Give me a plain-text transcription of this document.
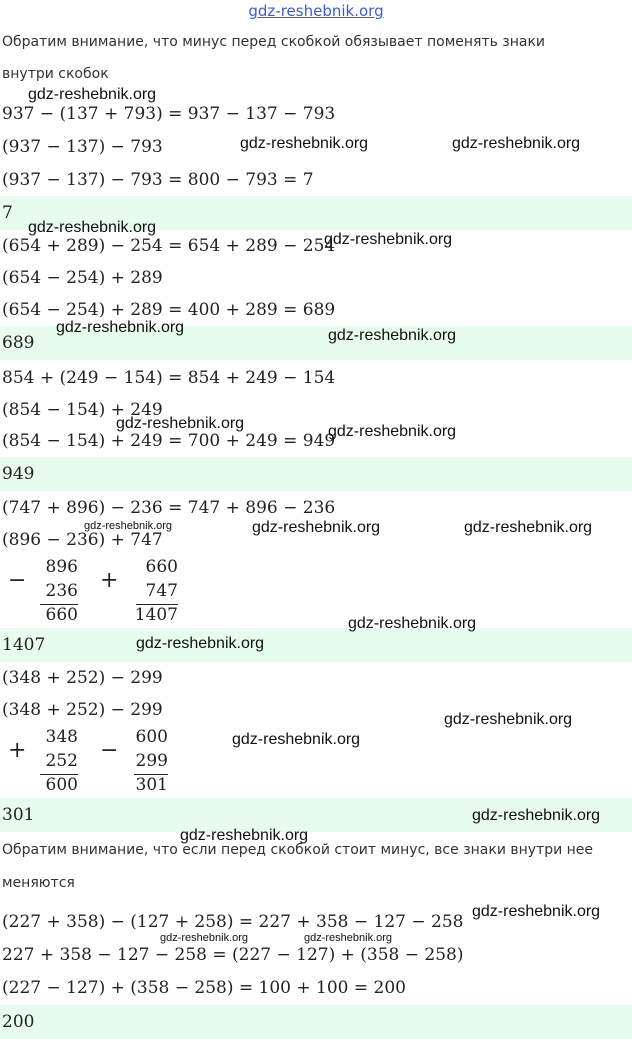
gdz-reshebnik.org
Обратим внимание, что минус перед скобкой обязывает поменять знаки
внутри скобок
937 − (137 + 793) = 937 − 137 − 793
(937 − 137) − 793
(937 − 137) − 793 = 800 − 793 = 7
7
(654 + 289) − 254 = 654 + 289 − 254
(654 − 254) + 289
(654 − 254) + 289 = 400 + 289 = 689
689
854 + (249 − 154) = 854 + 249 − 154
(854 − 154) + 249
(854 − 154) + 249 = 700 + 249 = 949
949
(747 + 896) − 236 = 747 + 896 − 236
(896 − 236) + 747
−
896
236
660
+
660
747
1407
1407
(348 + 252) − 299
(348 + 252) − 299
+
348
252
600
−
600
299
301
301
Обратим внимание, что если перед скобкой стоит минус, все знаки внутри нее
меняются
(227 + 358) − (127 + 258) = 227 + 358 − 127 − 258
227 + 358 − 127 − 258 = (227 − 127) + (358 − 258)
(227 − 127) + (358 − 258) = 100 + 100 = 200
200
gdz-reshebnik.org
gdz-reshebnik.org	gdz-reshebnik.org
gdz-reshebnik.org
gdz-reshebnik.org
gdz-reshebnik.org	gdz-reshebnik.org
gdz-reshebnik.org	gdz-reshebnik.org
gdz-reshebnik.org	gdz-reshebnik.org	gdz-reshebnik.org
gdz-reshebnik.org
gdz-reshebnik.org
gdz-reshebnik.org
gdz-reshebnik.org
gdz-reshebnik.org
gdz-reshebnik.org
gdz-reshebnik.org
gdz-reshebnik.org	gdz-reshebnik.org
